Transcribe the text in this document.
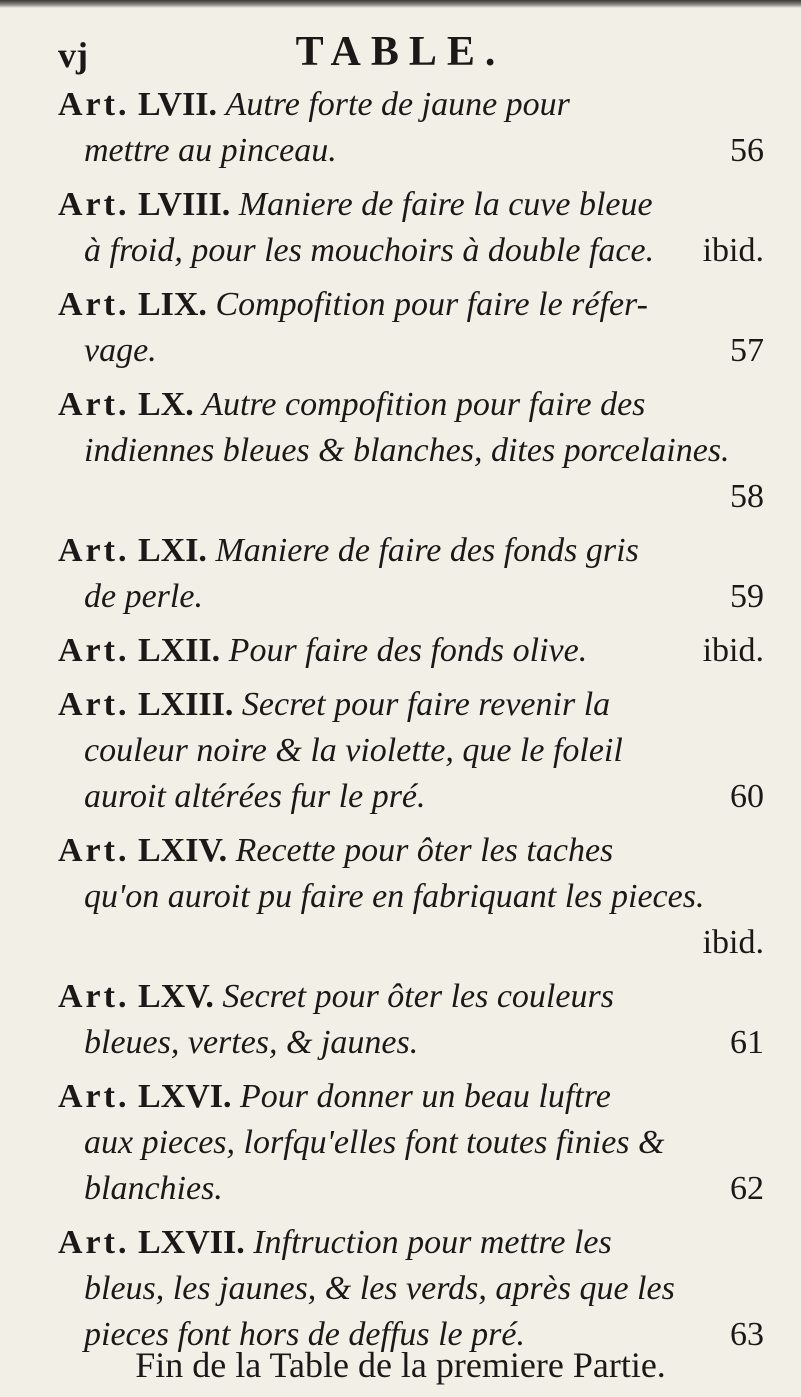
vj	TABLE.
Art. LVII. Autre forte de jaune pour
56
mettre au pinceau.
Art. LVIII. Maniere de faire la cuve bleue
ibid.
à froid, pour les mouchoirs à double face.
Art. LIX. Compofition pour faire le réfer-
57
vage.
Art. LX. Autre compofition pour faire des
indiennes bleues & blanches, dites porcelaines.
58
Art. LXI. Maniere de faire des fonds gris
59
de perle.
Art. LXII.	ibid.
Pour faire des fonds olive.
Art. LXIII. Secret pour faire revenir la
couleur noire & la violette, que le foleil
60
auroit altérées fur le pré.
Art. LXIV. Recette pour ôter les taches
qu'on auroit pu faire en fabriquant les pieces.
ibid.
Art. LXV. Secret pour ôter les couleurs
61
bleues, vertes, & jaunes.
Art. LXVI. Pour donner un beau luftre
aux pieces, lorfqu'elles font toutes finies &
62
blanchies.
Art. LXVII. Inftruction pour mettre les
bleus, les jaunes, & les verds, après que les
63
pieces font hors de deffus le pré.
Fin de la Table de la premiere Partie.
